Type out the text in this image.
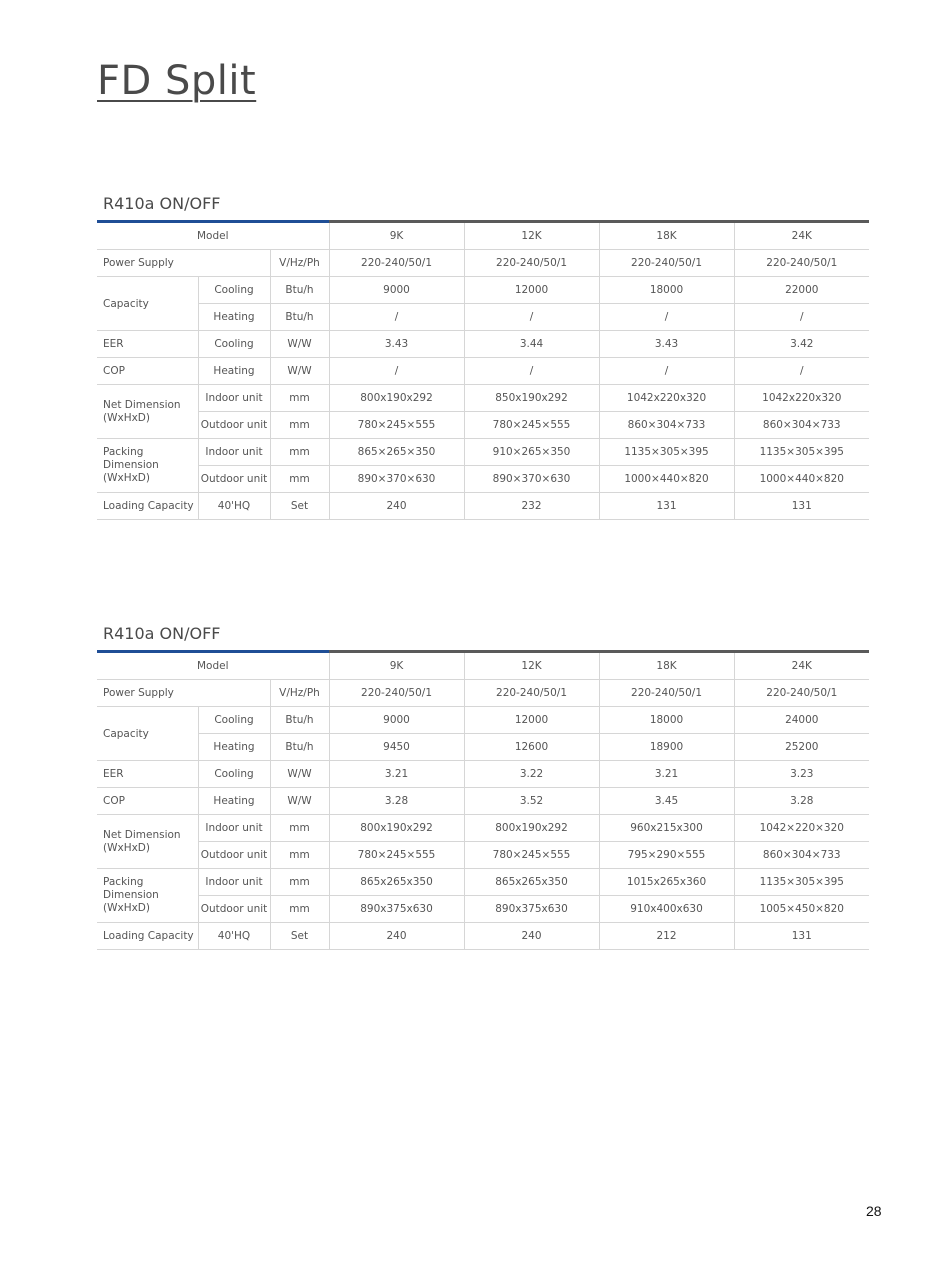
FD Split
R410a ON/OFF
Model			9K	12K	18K	24K
Power Supply		V/Hz/Ph	220-240/50/1	220-240/50/1	220-240/50/1	220-240/50/1
Capacity	Cooling	Btu/h	9000	12000	18000	22000
	Heating	Btu/h	/	/	/	/
EER	Cooling	W/W	3.43	3.44	3.43	3.42
COP	Heating	W/W	/	/	/	/
Net Dimension (WxHxD)	Indoor unit	mm	800x190x292	850x190x292	1042x220x320	1042x220x320
	Outdoor unit	mm	780×245×555	780×245×555	860×304×733	860×304×733
Packing Dimension (WxHxD)	Indoor unit	mm	865×265×350	910×265×350	1135×305×395	1135×305×395
	Outdoor unit	mm	890×370×630	890×370×630	1000×440×820	1000×440×820
Loading Capacity	40'HQ	Set	240	232	131	131
R410a ON/OFF
Model			9K	12K	18K	24K
Power Supply		V/Hz/Ph	220-240/50/1	220-240/50/1	220-240/50/1	220-240/50/1
Capacity	Cooling	Btu/h	9000	12000	18000	24000
	Heating	Btu/h	9450	12600	18900	25200
EER	Cooling	W/W	3.21	3.22	3.21	3.23
COP	Heating	W/W	3.28	3.52	3.45	3.28
Net Dimension (WxHxD)	Indoor unit	mm	800x190x292	800x190x292	960x215x300	1042×220×320
	Outdoor unit	mm	780×245×555	780×245×555	795×290×555	860×304×733
Packing Dimension (WxHxD)	Indoor unit	mm	865x265x350	865x265x350	1015x265x360	1135×305×395
	Outdoor unit	mm	890x375x630	890x375x630	910x400x630	1005×450×820
Loading Capacity	40'HQ	Set	240	240	212	131
28
